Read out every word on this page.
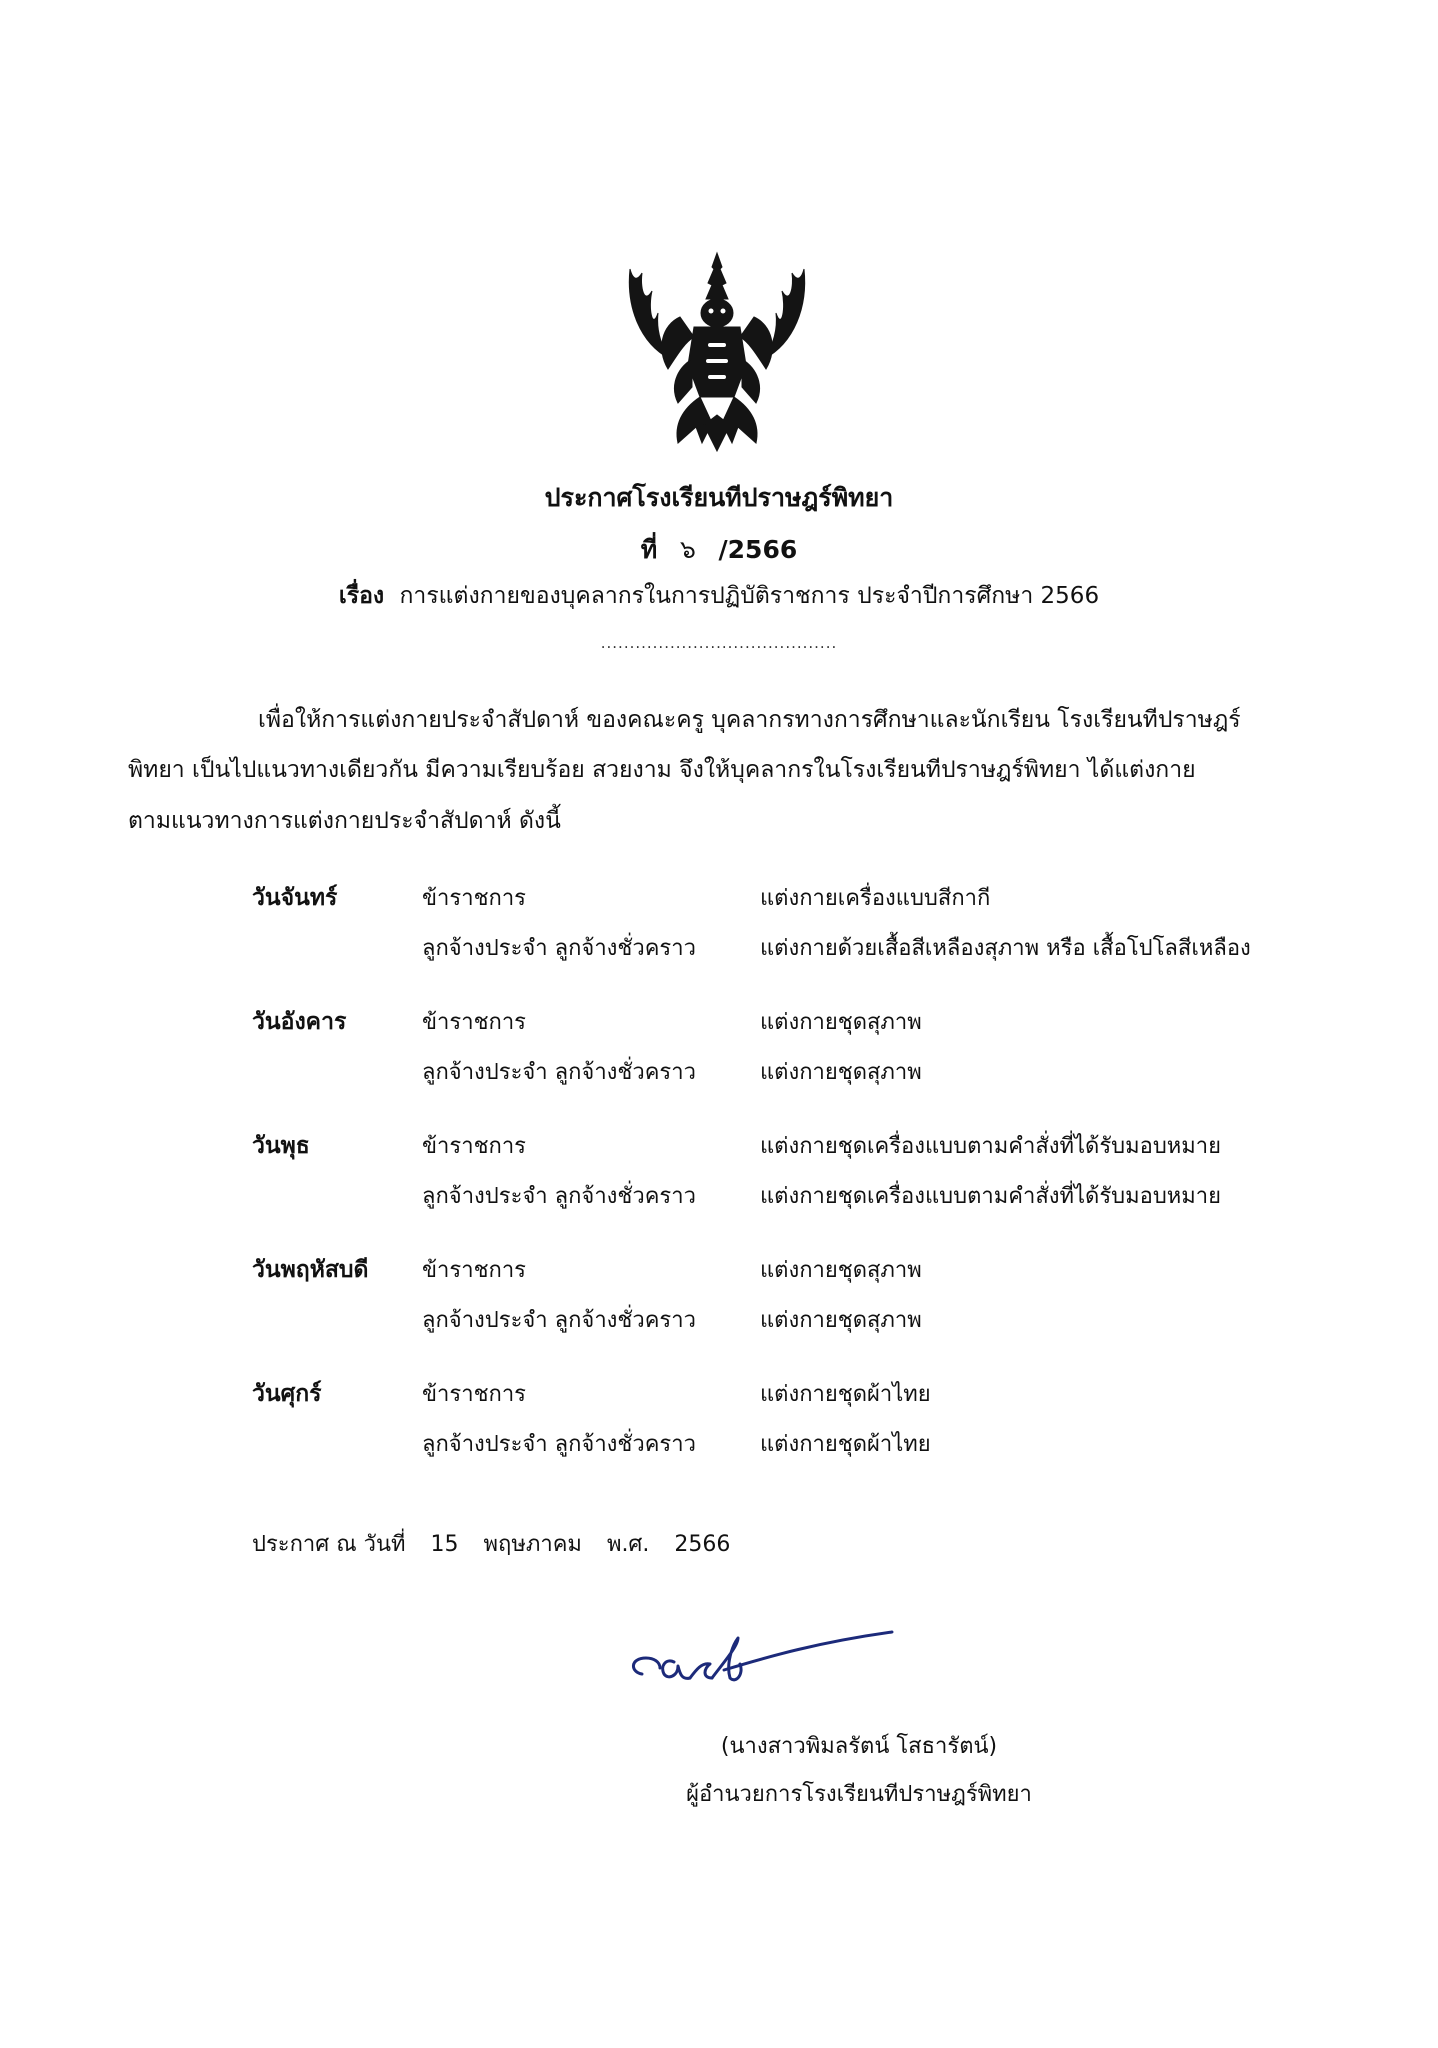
ประกาศโรงเรียนทีปราษฎร์พิทยา
ที่ ๖ /2566
เรื่อง การแต่งกายของบุคลากรในการปฏิบัติราชการ ประจำปีการศึกษา 2566
.........................................
เพื่อให้การแต่งกายประจำสัปดาห์ ของคณะครู บุคลากรทางการศึกษาและนักเรียน โรงเรียนทีปราษฎร์
พิทยา เป็นไปแนวทางเดียวกัน มีความเรียบร้อย สวยงาม จึงให้บุคลากรในโรงเรียนทีปราษฎร์พิทยา ได้แต่งกาย
ตามแนวทางการแต่งกายประจำสัปดาห์ ดังนี้
วันจันทร์	ข้าราชการ	แต่งกายเครื่องแบบสีกากี
ลูกจ้างประจำ ลูกจ้างชั่วคราว	แต่งกายด้วยเสื้อสีเหลืองสุภาพ หรือ เสื้อโปโลสีเหลือง
วันอังคาร	ข้าราชการ	แต่งกายชุดสุภาพ
ลูกจ้างประจำ ลูกจ้างชั่วคราว	แต่งกายชุดสุภาพ
วันพุธ	ข้าราชการ	แต่งกายชุดเครื่องแบบตามคำสั่งที่ได้รับมอบหมาย
ลูกจ้างประจำ ลูกจ้างชั่วคราว	แต่งกายชุดเครื่องแบบตามคำสั่งที่ได้รับมอบหมาย
วันพฤหัสบดี ข้าราชการ	แต่งกายชุดสุภาพ
ลูกจ้างประจำ ลูกจ้างชั่วคราว	แต่งกายชุดสุภาพ
วันศุกร์	ข้าราชการ	แต่งกายชุดผ้าไทย
ลูกจ้างประจำ ลูกจ้างชั่วคราว	แต่งกายชุดผ้าไทย
ประกาศ ณ วันที่ 15 พฤษภาคม พ.ศ. 2566
(นางสาวพิมลรัตน์ โสธารัตน์)
ผู้อำนวยการโรงเรียนทีปราษฎร์พิทยา
